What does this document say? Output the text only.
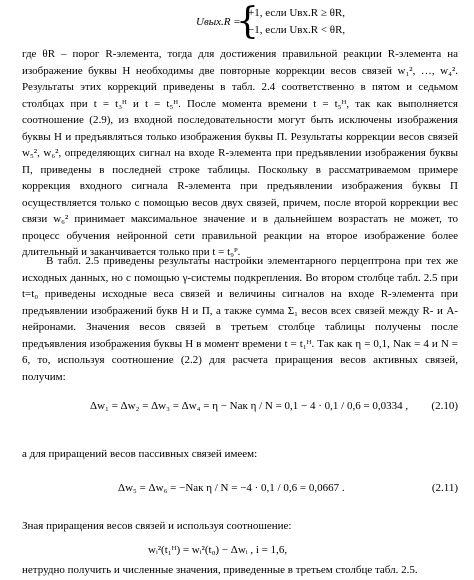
Uвых.R =
{
+1, если Uвх.R ≥ θR,
−1, если Uвх.R < θR,

где θR – порог R-элемента, тогда для достижения правильной реакции R-элемента на изображение буквы Н необходимы две повторные коррекции весов связей w₁², …, w₄². Результаты этих коррекций приведены в табл. 2.4 соответственно в пятом и седьмом столбцах при t = t₃ᴴ и t = t₅ᴴ. После момента времени t = t₅ᴴ, так как выполняется соотношение (2.9), из входной последовательности могут быть исключены изображения буквы Н и предъявляться только изображения буквы П. Результаты коррекции весов связей w₅², w₆², определяющих сигнал на входе R-элемента при предъявлении изображения буквы П, приведены в последней строке таблицы. Поскольку в рассматриваемом примере коррекция входного сигнала R-элемента при предъявлении изображения буквы П осуществляется только с помощью весов двух связей, причем, после второй коррекции вес связи w₆² принимает максимальное значение и в дальнейшем возрастать не может, то процесс обучения нейронной сети правильной реакции на второе изображение более длительный и заканчивается только при t = t₉ᴾ.

В табл. 2.5 приведены результаты настройки элементарного перцептрона при тех же исходных данных, но с помощью γ-системы подкрепления. Во втором столбце табл. 2.5 при t=t₀ приведены исходные веса связей и величины сигналов на входе R-элемента при предъявлении изображений букв Н и П, а также сумма Σ₁ весов всех связей между R- и A-нейронами. Значения весов связей в третьем столбце таблицы получены после предъявления изображения буквы Н в момент времени t = t₁ᴴ. Так как η = 0,1, Nак = 4 и N = 6, то, используя соотношение (2.2) для расчета приращения весов активных связей, получим:

Δw₁ = Δw₂ = Δw₃ = Δw₄ = η − Nак η / N = 0,1 − 4 · 0,1 / 0,6 = 0,0334 , (2.10)

а для приращений весов пассивных связей имеем:

Δw₅ = Δw₆ = −Nак η / N = −4 · 0,1 / 0,6 = 0,0667 .	(2.11)

Зная приращения весов связей и используя соотношение:

wᵢ²(t₁ᴴ) = wᵢ²(t₀) − Δwᵢ , i = 1,6,

нетрудно получить и численные значения, приведенные в третьем столбце табл. 2.5.
